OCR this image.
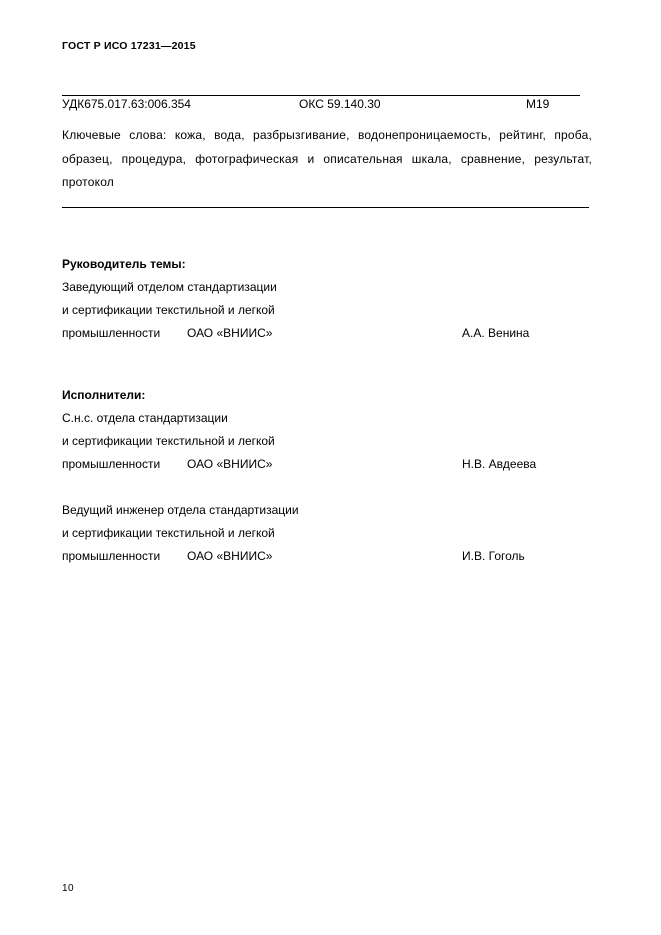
ГОСТ Р ИСО 17231—2015
УДК675.017.63:006.354	ОКС 59.140.30	М19
Ключевые слова: кожа, вода, разбрызгивание, водонепроницаемость, рейтинг, проба, образец, процедура, фотографическая и описательная шкала, сравнение, результат, протокол
Руководитель темы:
Заведующий отделом стандартизации
и сертификации текстильной и легкой
промышленности ОАО «ВНИИС»	А.А. Венина
Исполнители:
С.н.с. отдела стандартизации
и сертификации текстильной и легкой
промышленности ОАО «ВНИИС»	Н.В. Авдеева
Ведущий инженер отдела стандартизации
и сертификации текстильной и легкой
промышленности ОАО «ВНИИС»	И.В. Гоголь
10
